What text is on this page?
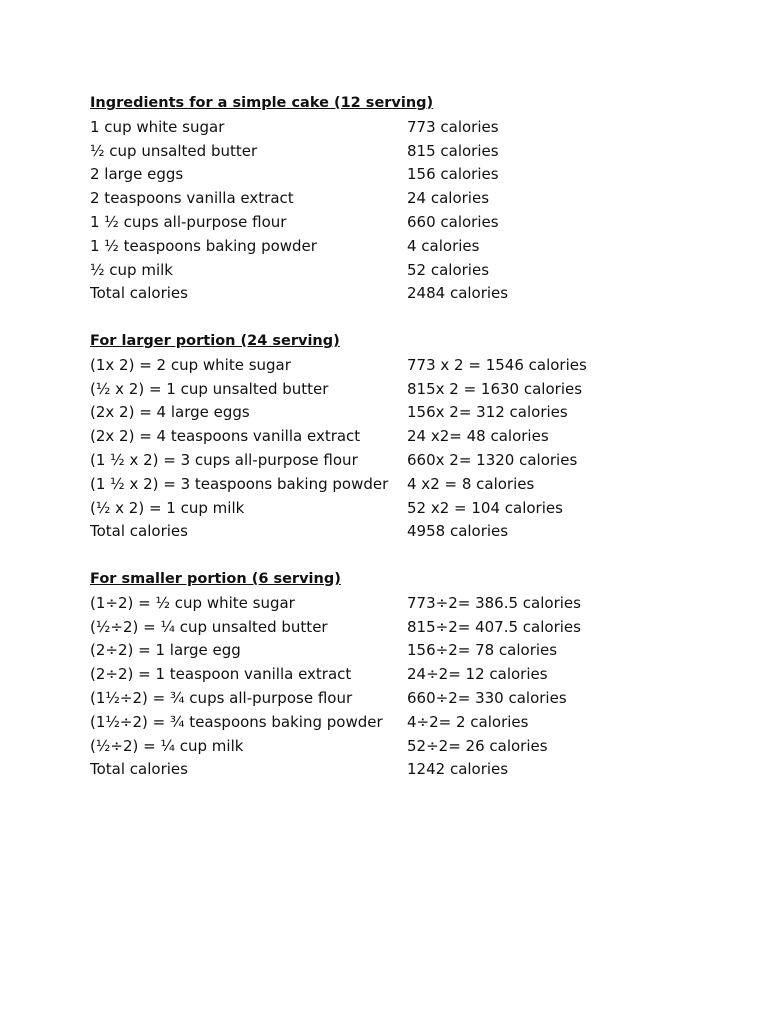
Ingredients for a simple cake (12 serving)
1 cup white sugar	773 calories
½ cup unsalted butter	815 calories
2 large eggs	156 calories
2 teaspoons vanilla extract	24 calories
1 ½ cups all-purpose flour	660 calories
1 ½ teaspoons baking powder	4 calories
½ cup milk	52 calories
Total calories	2484 calories
For larger portion (24 serving)
(1x 2) = 2 cup white sugar	773 x 2 = 1546 calories
(½ x 2) = 1 cup unsalted butter	815x 2 = 1630 calories
(2x 2) = 4 large eggs	156x 2= 312 calories
(2x 2) = 4 teaspoons vanilla extract	24 x2= 48 calories
(1 ½ x 2) = 3 cups all-purpose flour	660x 2= 1320 calories
(1 ½ x 2) = 3 teaspoons baking powder	4 x2 = 8 calories
(½ x 2) = 1 cup milk	52 x2 = 104 calories
Total calories	4958 calories
For smaller portion (6 serving)
(1÷2) = ½ cup white sugar	773÷2= 386.5 calories
(½÷2) = ¼ cup unsalted butter	815÷2= 407.5 calories
(2÷2) = 1 large egg	156÷2= 78 calories
(2÷2) = 1 teaspoon vanilla extract	24÷2= 12 calories
(1½÷2) = ¾ cups all-purpose flour	660÷2= 330 calories
(1½÷2) = ¾ teaspoons baking powder	4÷2= 2 calories
(½÷2) = ¼ cup milk	52÷2= 26 calories
Total calories	1242 calories
